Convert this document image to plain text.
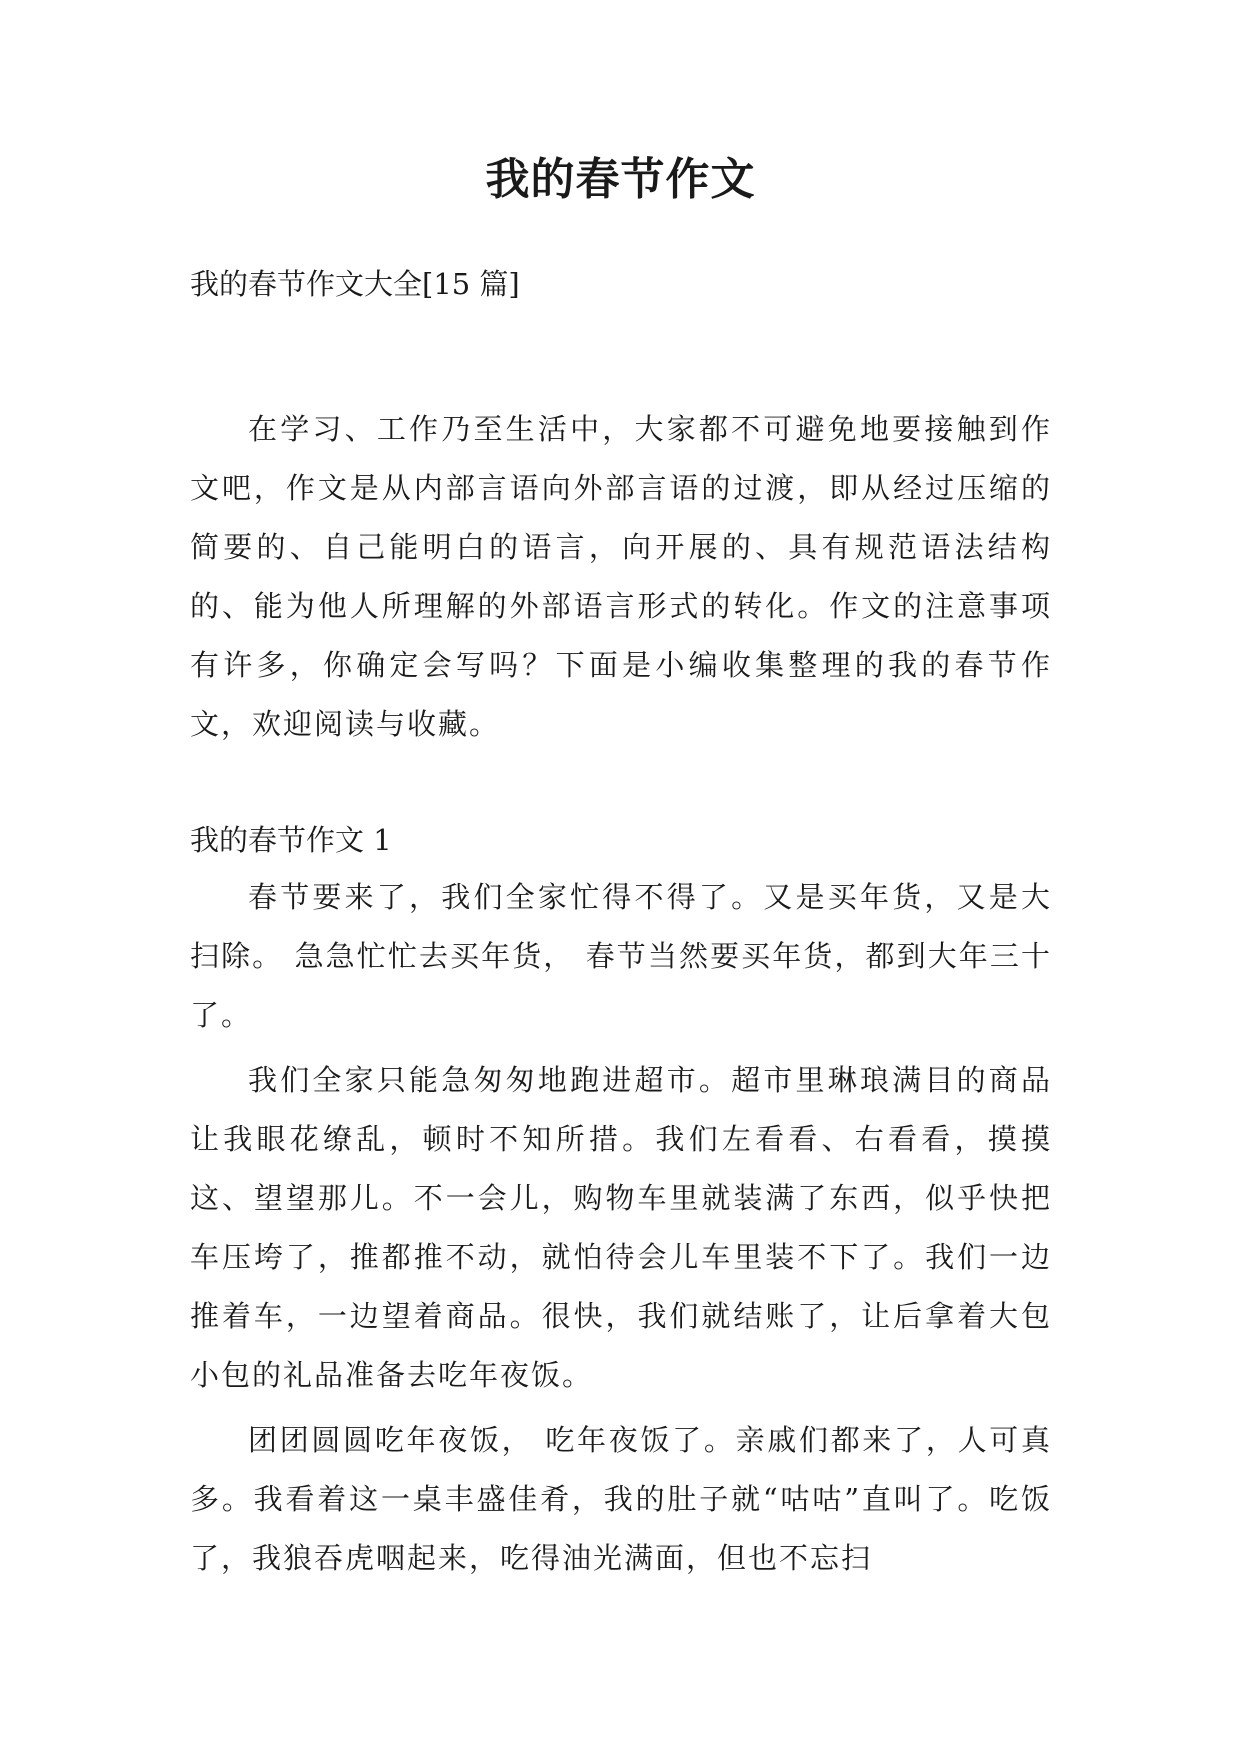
我的春节作文
我的春节作文大全[15 篇]

在学习、工作乃至生活中，大家都不可避免地要接触到作文吧，作文是从内部言语向外部言语的过渡，即从经过压缩的简要的、自己能明白的语言，向开展的、具有规范语法结构的、能为他人所理解的外部语言形式的转化。作文的注意事项有许多，你确定会写吗？下面是小编收集整理的我的春节作文，欢迎阅读与收藏。

我的春节作文 1

春节要来了，我们全家忙得不得了。又是买年货，又是大扫除。 急急忙忙去买年货， 春节当然要买年货，都到大年三十了。

我们全家只能急匆匆地跑进超市。超市里琳琅满目的商品让我眼花缭乱，顿时不知所措。我们左看看、右看看，摸摸这、望望那儿。不一会儿，购物车里就装满了东西，似乎快把车压垮了，推都推不动，就怕待会儿车里装不下了。我们一边推着车，一边望着商品。很快，我们就结账了，让后拿着大包小包的礼品准备去吃年夜饭。

团团圆圆吃年夜饭， 吃年夜饭了。亲戚们都来了，人可真多。我看着这一桌丰盛佳肴，我的肚子就“咕咕”直叫了。吃饭了，我狼吞虎咽起来，吃得油光满面，但也不忘扫
